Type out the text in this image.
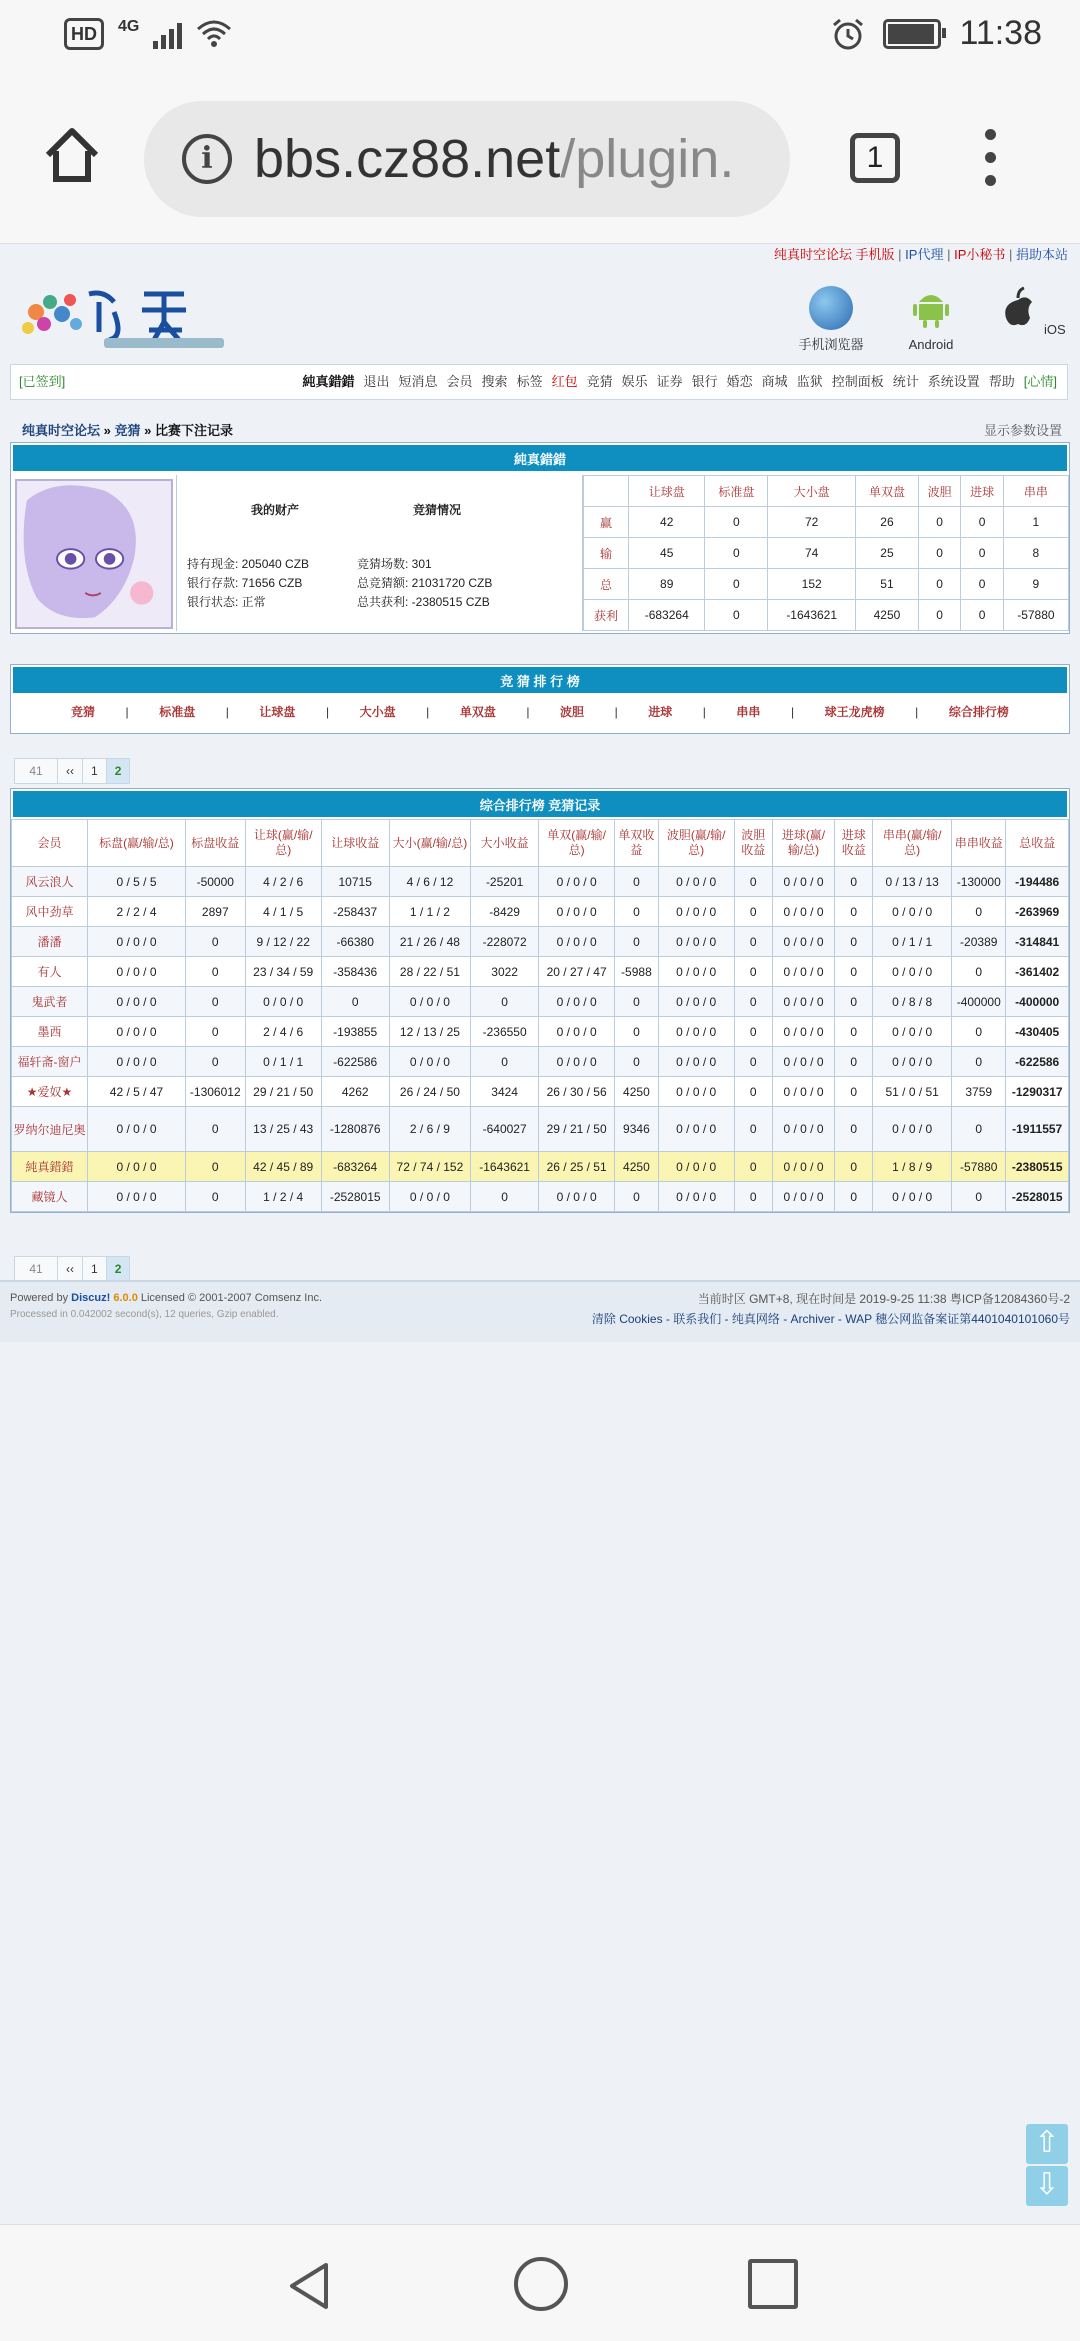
HD	4G	11:38
i bbs.cz88.net/plugin.	1
纯真时空论坛 手机版 | IP代理 | IP小秘书 | 捐助本站
手机浏览器	Android
iOS
[已签到]	純真錯錯 退出 短消息 会员 搜索 标签 红包 竞猜 娱乐 证券 银行 婚恋 商城 监狱 控制面板 统计 系统设置 帮助 [心情]
纯真时空论坛 » 竞猜 » 比赛下注记录	显示参数设置
純真錯錯
我的财产	竞猜情况
持有现金: 205040 CZB
银行存款: 71656 CZB
银行状态: 正常
竞猜场数: 301
总竞猜额: 21031720 CZB
总共获利: -2380515 CZB
	让球盘	标准盘	大小盘	单双盘	波胆	进球	串串
赢	42	0	72	26	0	0	1
输	45	0	74	25	0	0	8
总	89	0	152	51	0	0	9
获利	-683264	0	-1643621	4250	0	0	-57880
竞 猜 排 行 榜
竞猜	|	标准盘	|	让球盘	|	大小盘	|	单双盘	|	波胆	|	进球	|	串串	|	球王龙虎榜	|	综合排行榜
41	‹‹	1	2
综合排行榜 竞猜记录
会员	标盘(赢/输/总)	标盘收益	让球(赢/输/总)	让球收益	大小(赢/输/总)	大小收益	单双(赢/输/总)	单双收益	波胆(赢/输/总)	波胆收益	进球(赢/输/总)	进球收益	串串(赢/输/总)	串串收益	总收益
风云浪人	0 / 5 / 5	-50000	4 / 2 / 6	10715	4 / 6 / 12	-25201	0 / 0 / 0	0	0 / 0 / 0	0	0 / 0 / 0	0	0 / 13 / 13	-130000	-194486
风中劲草	2 / 2 / 4	2897	4 / 1 / 5	-258437	1 / 1 / 2	-8429	0 / 0 / 0	0	0 / 0 / 0	0	0 / 0 / 0	0	0 / 0 / 0	0	-263969
潘潘	0 / 0 / 0	0	9 / 12 / 22	-66380	21 / 26 / 48	-228072	0 / 0 / 0	0	0 / 0 / 0	0	0 / 0 / 0	0	0 / 1 / 1	-20389	-314841
有人	0 / 0 / 0	0	23 / 34 / 59	-358436	28 / 22 / 51	3022	20 / 27 / 47	-5988	0 / 0 / 0	0	0 / 0 / 0	0	0 / 0 / 0	0	-361402
鬼武者	0 / 0 / 0	0	0 / 0 / 0	0	0 / 0 / 0	0	0 / 0 / 0	0	0 / 0 / 0	0	0 / 0 / 0	0	0 / 8 / 8	-400000	-400000
墨西	0 / 0 / 0	0	2 / 4 / 6	-193855	12 / 13 / 25	-236550	0 / 0 / 0	0	0 / 0 / 0	0	0 / 0 / 0	0	0 / 0 / 0	0	-430405
福轩斋-窗户	0 / 0 / 0	0	0 / 1 / 1	-622586	0 / 0 / 0	0	0 / 0 / 0	0	0 / 0 / 0	0	0 / 0 / 0	0	0 / 0 / 0	0	-622586
★爱奴★	42 / 5 / 47	-1306012	29 / 21 / 50	4262	26 / 24 / 50	3424	26 / 30 / 56	4250	0 / 0 / 0	0	0 / 0 / 0	0	51 / 0 / 51	3759	-1290317
罗纳尔迪尼奥	0 / 0 / 0	0	13 / 25 / 43	-1280876	2 / 6 / 9	-640027	29 / 21 / 50	9346	0 / 0 / 0	0	0 / 0 / 0	0	0 / 0 / 0	0	-1911557
純真錯錯	0 / 0 / 0	0	42 / 45 / 89	-683264	72 / 74 / 152	-1643621	26 / 25 / 51	4250	0 / 0 / 0	0	0 / 0 / 0	0	1 / 8 / 9	-57880	-2380515
藏镜人	0 / 0 / 0	0	1 / 2 / 4	-2528015	0 / 0 / 0	0	0 / 0 / 0	0	0 / 0 / 0	0	0 / 0 / 0	0	0 / 0 / 0	0	-2528015
41	‹‹	1	2
Powered by Discuz! 6.0.0 Licensed © 2001-2007 Comsenz Inc.
Processed in 0.042002 second(s), 12 queries, Gzip enabled.
当前时区 GMT+8, 现在时间是 2019-9-25 11:38 粤ICP备12084360号-2
清除 Cookies - 联系我们 - 纯真网络 - Archiver - WAP 穗公网监备案证第4401040101060号
⇧
⇩
